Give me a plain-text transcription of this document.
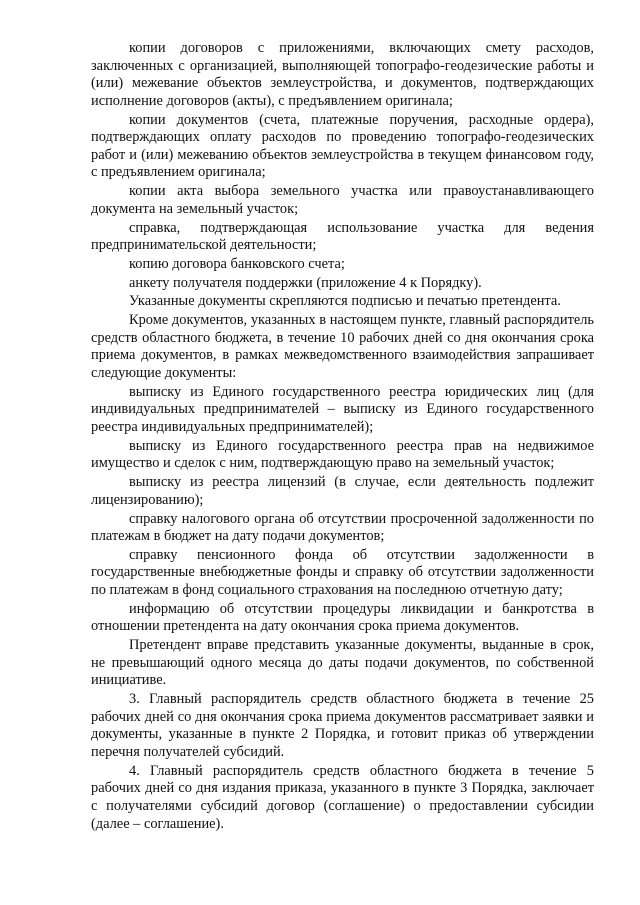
копии договоров с приложениями, включающих смету расходов, заключенных с организацией, выполняющей топографо-геодезические работы и (или) межевание объектов землеустройства, и документов, подтверждающих исполнение договоров (акты), с предъявлением оригинала;

копии документов (счета, платежные поручения, расходные ордера), подтверждающих оплату расходов по проведению топографо-геодезических работ и (или) межеванию объектов землеустройства в текущем финансовом году, с предъявлением оригинала;

копии акта выбора земельного участка или правоустанавливающего документа на земельный участок;

справка, подтверждающая использование участка для ведения предпринимательской деятельности;

копию договора банковского счета;

анкету получателя поддержки (приложение 4 к Порядку).

Указанные документы скрепляются подписью и печатью претендента.

Кроме документов, указанных в настоящем пункте, главный распорядитель средств областного бюджета, в течение 10 рабочих дней со дня окончания срока приема документов, в рамках межведомственного взаимодействия запрашивает следующие документы:

выписку из Единого государственного реестра юридических лиц (для индивидуальных предпринимателей – выписку из Единого государственного реестра индивидуальных предпринимателей);

выписку из Единого государственного реестра прав на недвижимое имущество и сделок с ним, подтверждающую право на земельный участок;

выписку из реестра лицензий (в случае, если деятельность подлежит лицензированию);

справку налогового органа об отсутствии просроченной задолженности по платежам в бюджет на дату подачи документов;

справку пенсионного фонда об отсутствии задолженности в государственные внебюджетные фонды и справку об отсутствии задолженности по платежам в фонд социального страхования на последнюю отчетную дату;

информацию об отсутствии процедуры ликвидации и банкротства в отношении претендента на дату окончания срока приема документов.

Претендент вправе представить указанные документы, выданные в срок, не превышающий одного месяца до даты подачи документов, по собственной инициативе.

3. Главный распорядитель средств областного бюджета в течение 25 рабочих дней со дня окончания срока приема документов рассматривает заявки и документы, указанные в пункте 2 Порядка, и готовит приказ об утверждении перечня получателей субсидий.

4. Главный распорядитель средств областного бюджета в течение 5 рабочих дней со дня издания приказа, указанного в пункте 3 Порядка, заключает с получателями субсидий договор (соглашение) о предоставлении субсидии (далее – соглашение).
